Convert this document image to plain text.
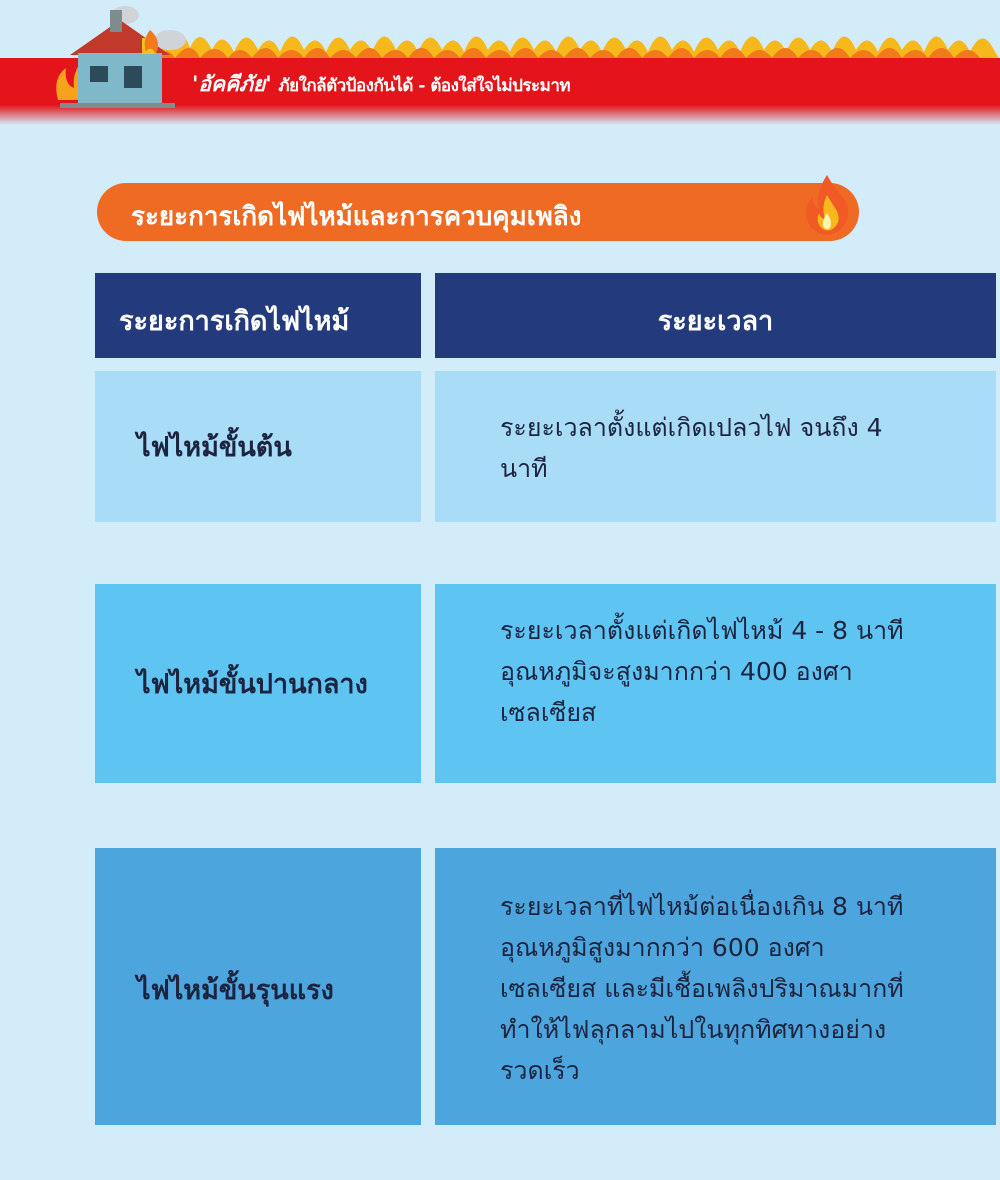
'อัคคีภัย' ภัยใกล้ตัวป้องกันได้ - ต้องใส่ใจไม่ประมาท
ระยะการเกิดไฟไหม้และการควบคุมเพลิง
ระยะการเกิดไฟไหม้	ระยะเวลา
ไฟไหม้ขั้นต้น
ระยะเวลาตั้งแต่เกิดเปลวไฟ จนถึง 4 นาที
ไฟไหม้ขั้นปานกลาง
ระยะเวลาตั้งแต่เกิดไฟไหม้ 4 - 8 นาที อุณหภูมิจะสูงมากกว่า 400 องศาเซลเซียส
ไฟไหม้ขั้นรุนแรง
ระยะเวลาที่ไฟไหม้ต่อเนื่องเกิน 8 นาที อุณหภูมิสูงมากกว่า 600 องศาเซลเซียส และมีเชื้อเพลิงปริมาณมากที่ทำให้ไฟลุกลามไปในทุกทิศทางอย่างรวดเร็ว
